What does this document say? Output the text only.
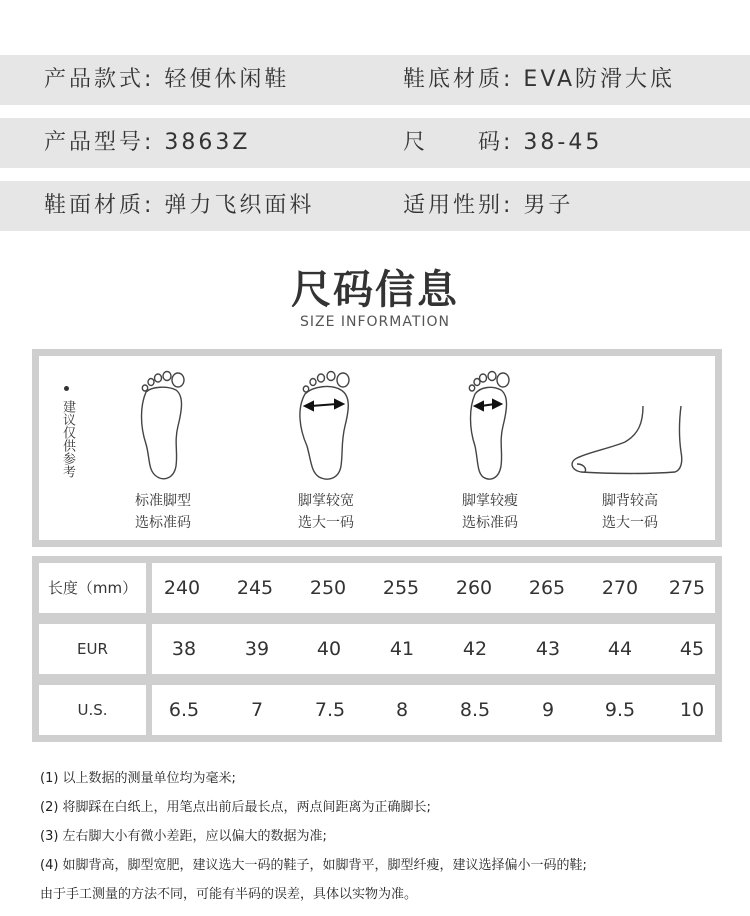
产品款式: 轻便休闲鞋	鞋底材质: EVA防滑大底
产品型号: 3863Z	尺　　码: 38-45
鞋面材质: 弹力飞织面料	适用性别: 男子
尺码信息
SIZE INFORMATION
建议仅供参考
标准脚型
选标准码
脚掌较宽
选大一码
脚掌较瘦
选标准码
脚背较高
选大一码
长度（mm）	240	245	250	255	260	265	270	275
EUR	38	39	40	41	42	43	44	45
U.S.	6.5	7	7.5	8	8.5	9	9.5	10
(1) 以上数据的测量单位均为毫米;
(2) 将脚踩在白纸上，用笔点出前后最长点，两点间距离为正确脚长;
(3) 左右脚大小有微小差距，应以偏大的数据为准;
(4) 如脚背高，脚型宽肥，建议选大一码的鞋子，如脚背平，脚型纤瘦，建议选择偏小一码的鞋;
由于手工测量的方法不同，可能有半码的误差，具体以实物为准。
